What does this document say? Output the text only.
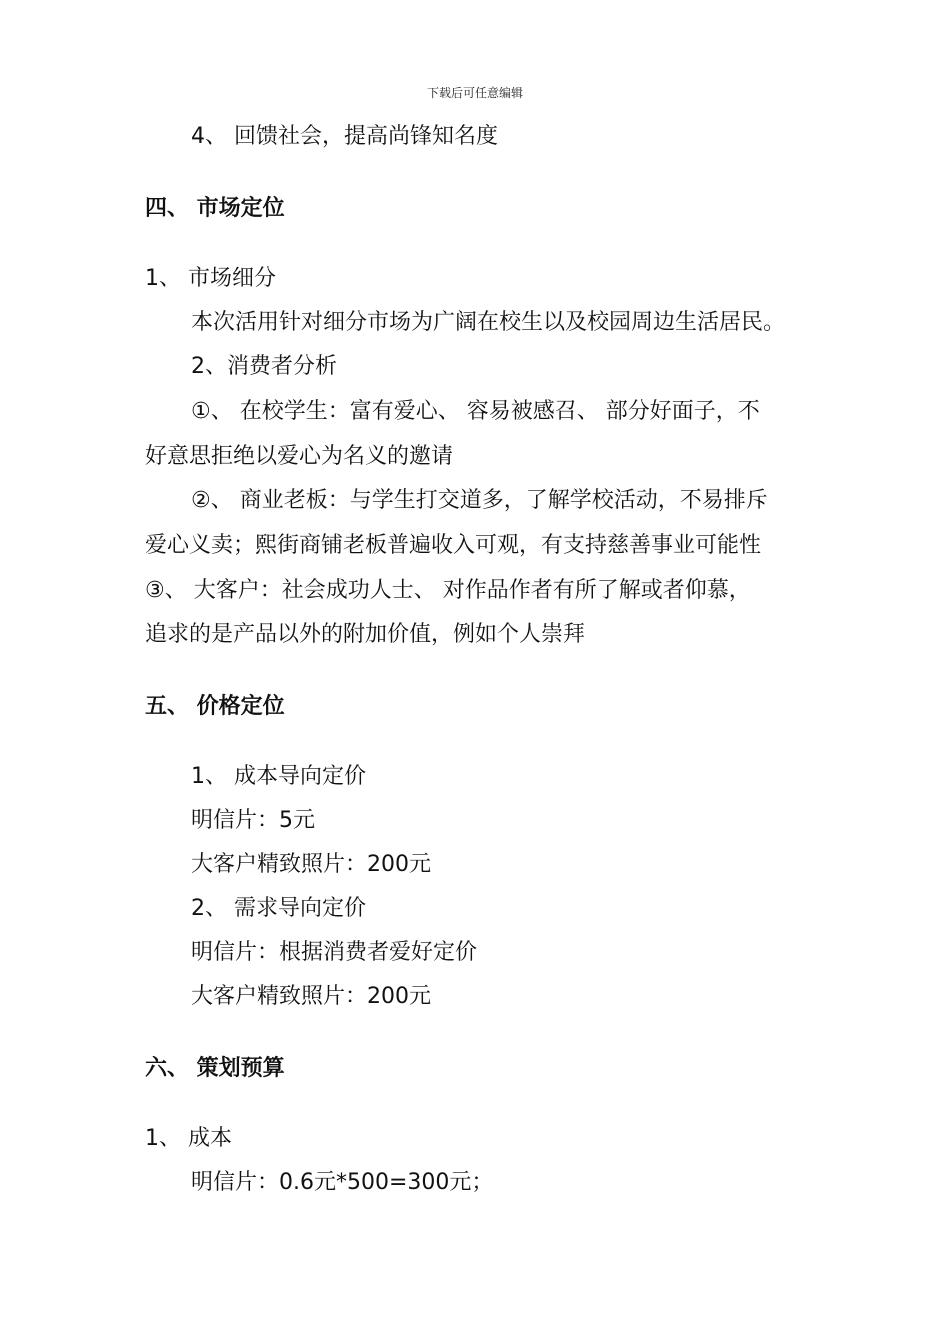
下载后可任意编辑
4、 回馈社会，提高尚锋知名度
四、 市场定位
1、 市场细分
本次活用针对细分市场为广阔在校生以及校园周边生活居民。
2、消费者分析
①、 在校学生：富有爱心、 容易被感召、 部分好面子，不
好意思拒绝以爱心为名义的邀请
②、 商业老板：与学生打交道多，了解学校活动，不易排斥
爱心义卖；熙街商铺老板普遍收入可观，有支持慈善事业可能性
③、 大客户：社会成功人士、 对作品作者有所了解或者仰慕，
追求的是产品以外的附加价值，例如个人崇拜
五、 价格定位
1、 成本导向定价
明信片：5元
大客户精致照片：200元
2、 需求导向定价
明信片：根据消费者爱好定价
大客户精致照片：200元
六、 策划预算
1、 成本
明信片：0.6元*500=300元；
